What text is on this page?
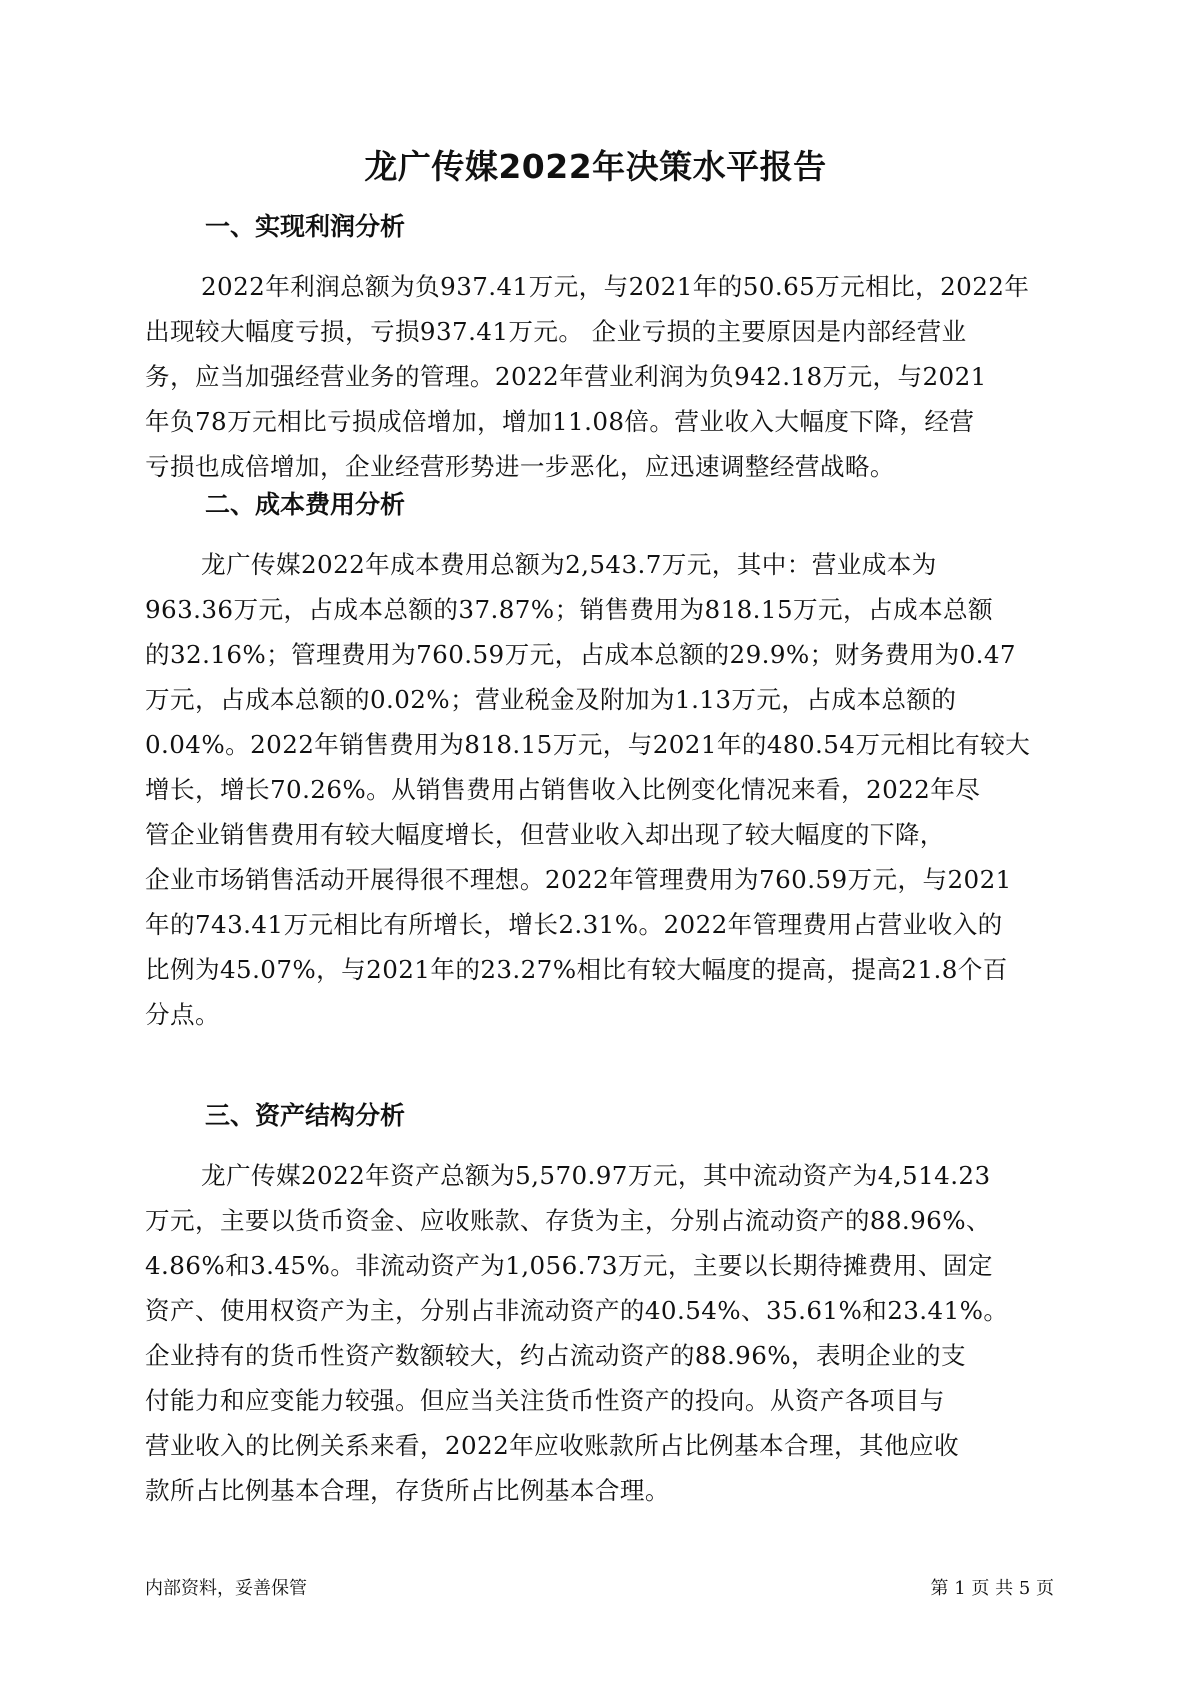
龙广传媒2022年决策水平报告
一、实现利润分析
2022年利润总额为负937.41万元，与2021年的50.65万元相比，2022年
出现较大幅度亏损，亏损937.41万元。 企业亏损的主要原因是内部经营业
务，应当加强经营业务的管理。2022年营业利润为负942.18万元，与2021
年负78万元相比亏损成倍增加，增加11.08倍。营业收入大幅度下降，经营
亏损也成倍增加，企业经营形势进一步恶化，应迅速调整经营战略。
二、成本费用分析
龙广传媒2022年成本费用总额为2,543.7万元，其中：营业成本为
963.36万元，占成本总额的37.87%；销售费用为818.15万元，占成本总额
的32.16%；管理费用为760.59万元，占成本总额的29.9%；财务费用为0.47
万元，占成本总额的0.02%；营业税金及附加为1.13万元，占成本总额的
0.04%。2022年销售费用为818.15万元，与2021年的480.54万元相比有较大
增长，增长70.26%。从销售费用占销售收入比例变化情况来看，2022年尽
管企业销售费用有较大幅度增长，但营业收入却出现了较大幅度的下降，
企业市场销售活动开展得很不理想。2022年管理费用为760.59万元，与2021
年的743.41万元相比有所增长，增长2.31%。2022年管理费用占营业收入的
比例为45.07%，与2021年的23.27%相比有较大幅度的提高，提高21.8个百
分点。
三、资产结构分析
龙广传媒2022年资产总额为5,570.97万元，其中流动资产为4,514.23
万元，主要以货币资金、应收账款、存货为主，分别占流动资产的88.96%、
4.86%和3.45%。非流动资产为1,056.73万元，主要以长期待摊费用、固定
资产、使用权资产为主，分别占非流动资产的40.54%、35.61%和23.41%。
企业持有的货币性资产数额较大，约占流动资产的88.96%，表明企业的支
付能力和应变能力较强。但应当关注货币性资产的投向。从资产各项目与
营业收入的比例关系来看，2022年应收账款所占比例基本合理，其他应收
款所占比例基本合理，存货所占比例基本合理。
内部资料，妥善保管	第 1 页 共 5 页
